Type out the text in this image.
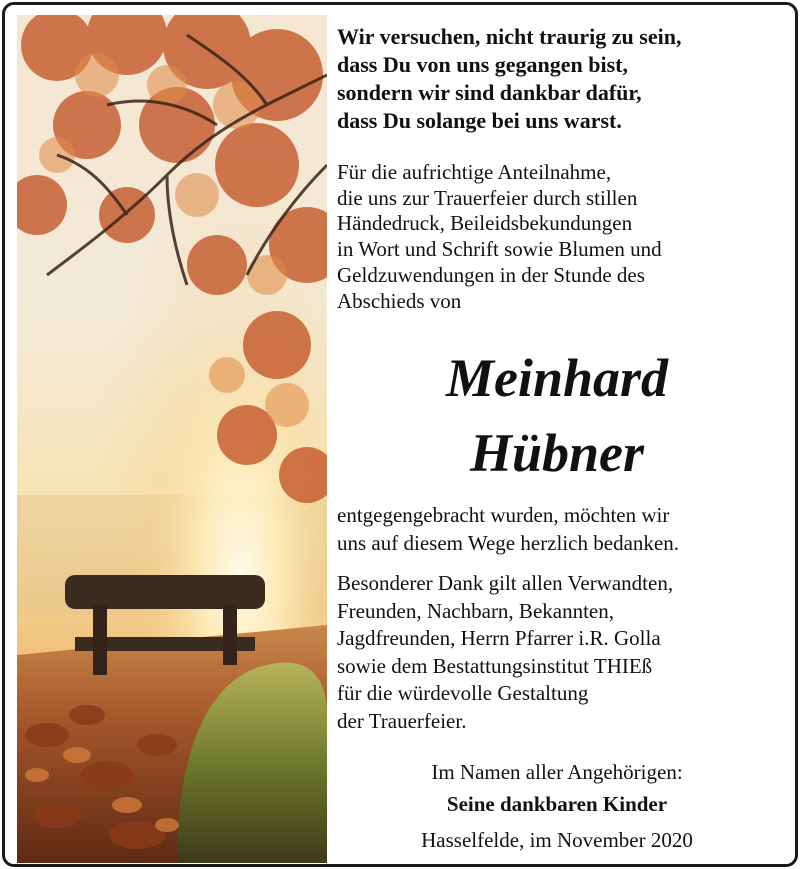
Wir versuchen, nicht traurig zu sein,
dass Du von uns gegangen bist,
sondern wir sind dankbar dafür,
dass Du solange bei uns warst.
Für die aufrichtige Anteilnahme,
die uns zur Trauerfeier durch stillen
Händedruck, Beileidsbekundungen
in Wort und Schrift sowie Blumen und
Geldzuwendungen in der Stunde des
Abschieds von
Meinhard
Hübner
entgegengebracht wurden, möchten wir
uns auf diesem Wege herzlich bedanken.
Besonderer Dank gilt allen Verwandten,
Freunden, Nachbarn, Bekannten,
Jagdfreunden, Herrn Pfarrer i.R. Golla
sowie dem Bestattungsinstitut THIEß
für die würdevolle Gestaltung
der Trauerfeier.
Im Namen aller Angehörigen:
Seine dankbaren Kinder
Hasselfelde, im November 2020
